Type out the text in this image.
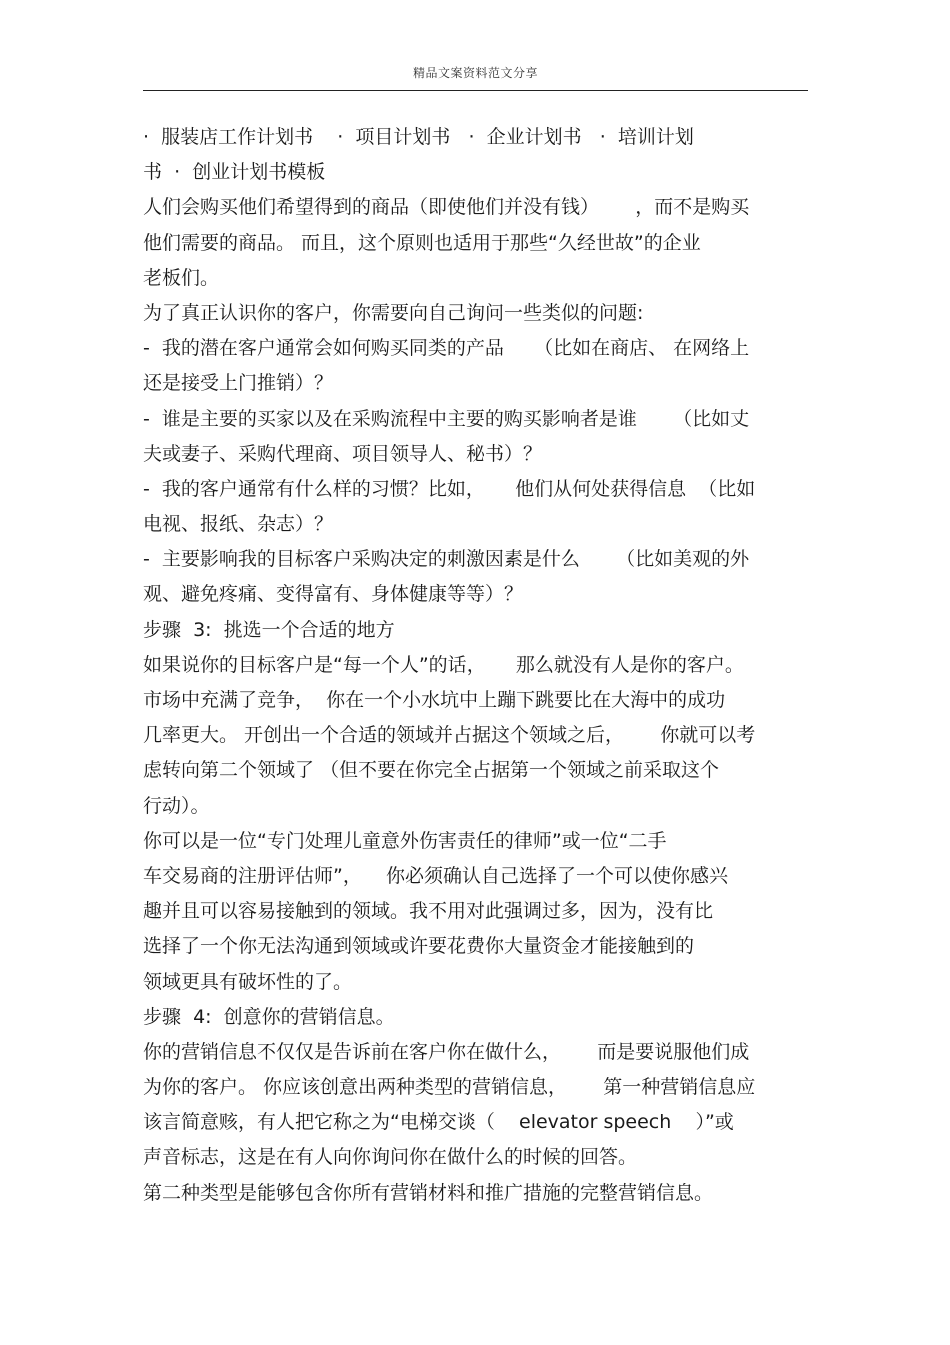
精品文案资料范文分享
·  服装店工作计划书    ·  项目计划书   ·  企业计划书   ·  培训计划
书  ·  创业计划书模板
人们会购买他们希望得到的商品（即使他们并没有钱）      ，而不是购买
他们需要的商品。 而且，这个原则也适用于那些“久经世故”的企业
老板们。
为了真正认识你的客户，你需要向自己询问一些类似的问题:
-  我的潜在客户通常会如何购买同类的产品     （比如在商店、 在网络上
还是接受上门推销）？
-  谁是主要的买家以及在采购流程中主要的购买影响者是谁      （比如丈
夫或妻子、采购代理商、项目领导人、秘书）？
-  我的客户通常有什么样的习惯？比如，     他们从何处获得信息  （比如
电视、报纸、杂志）？
-  主要影响我的目标客户采购决定的刺激因素是什么      （比如美观的外
观、避免疼痛、变得富有、身体健康等等）？
步骤  3:  挑选一个合适的地方
如果说你的目标客户是“每一个人”的话，     那么就没有人是你的客户。
市场中充满了竞争，  你在一个小水坑中上蹦下跳要比在大海中的成功
几率更大。 开创出一个合适的领域并占据这个领域之后，      你就可以考
虑转向第二个领域了 （但不要在你完全占据第一个领域之前采取这个
行动）。
你可以是一位“专门处理儿童意外伤害责任的律师”或一位“二手
车交易商的注册评估师”，    你必须确认自己选择了一个可以使你感兴
趣并且可以容易接触到的领域。我不用对此强调过多，因为，没有比
选择了一个你无法沟通到领域或许要花费你大量资金才能接触到的
领域更具有破坏性的了。
步骤  4:  创意你的营销信息。
你的营销信息不仅仅是告诉前在客户你在做什么，      而是要说服他们成
为你的客户。 你应该创意出两种类型的营销信息，      第一种营销信息应
该言简意赅，有人把它称之为“电梯交谈（    elevator speech    ）”或
声音标志，这是在有人向你询问你在做什么的时候的回答。
第二种类型是能够包含你所有营销材料和推广措施的完整营销信息。
